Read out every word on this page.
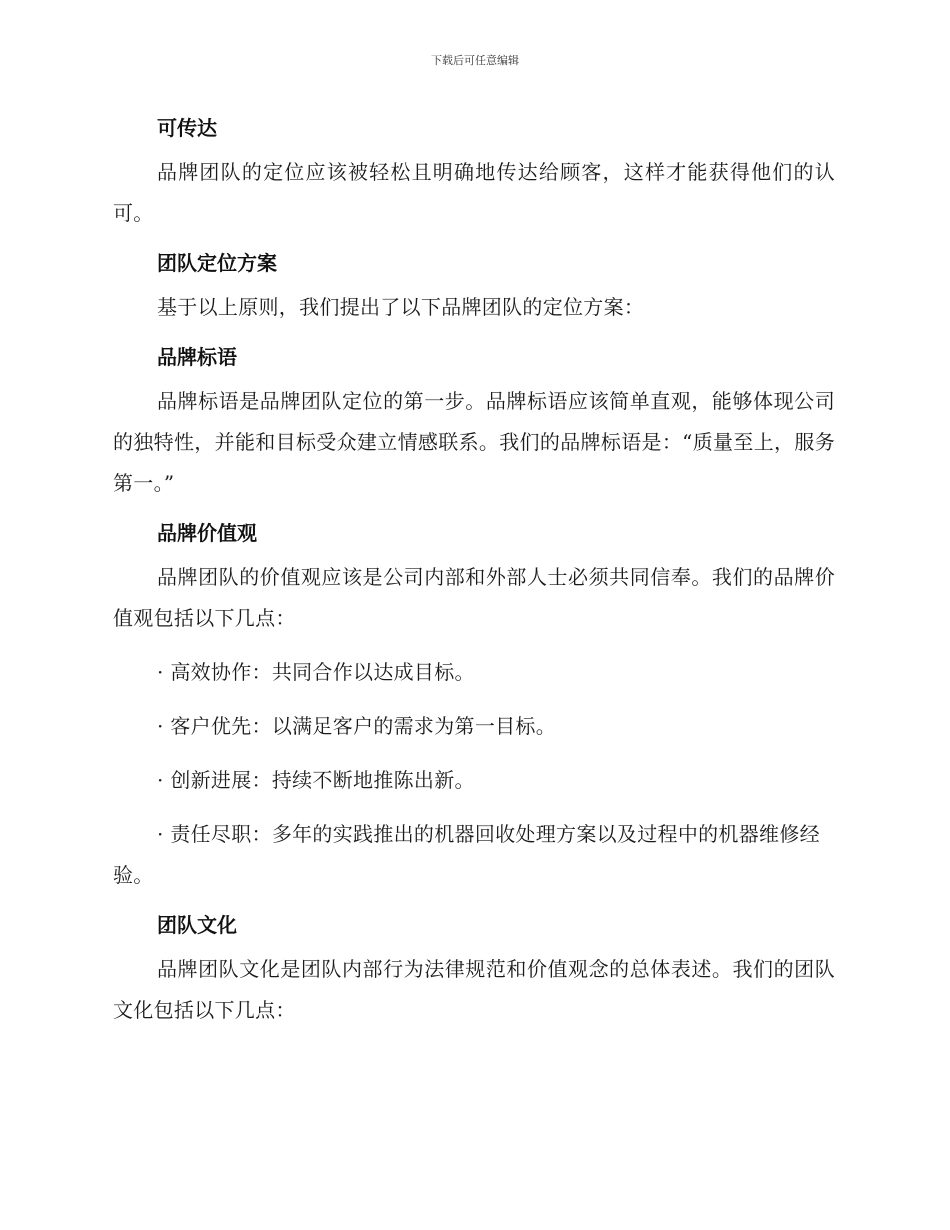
下载后可任意编辑
可传达

品牌团队的定位应该被轻松且明确地传达给顾客，这样才能获得他们的认可。

团队定位方案

基于以上原则，我们提出了以下品牌团队的定位方案：

品牌标语

品牌标语是品牌团队定位的第一步。品牌标语应该简单直观，能够体现公司的独特性，并能和目标受众建立情感联系。我们的品牌标语是：“质量至上，服务第一。”

品牌价值观

品牌团队的价值观应该是公司内部和外部人士必须共同信奉。我们的品牌价值观包括以下几点：

· 高效协作：共同合作以达成目标。

· 客户优先：以满足客户的需求为第一目标。

· 创新进展：持续不断地推陈出新。

· 责任尽职：多年的实践推出的机器回收处理方案以及过程中的机器维修经验。

团队文化

品牌团队文化是团队内部行为法律规范和价值观念的总体表述。我们的团队文化包括以下几点：
